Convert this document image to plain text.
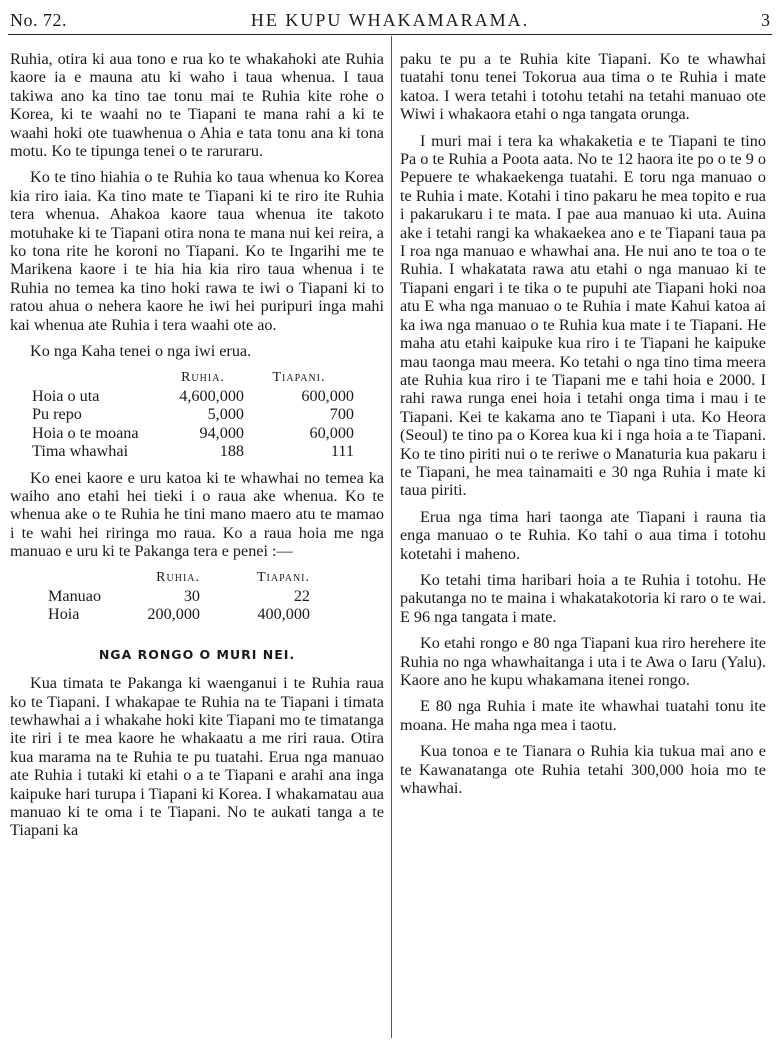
No. 72.	HE KUPU WHAKAMARAMA.	3

Ruhia, otira ki aua tono e rua ko te whakahoki ate Ruhia kaore ia e mauna atu ki waho i taua whenua. I taua takiwa ano ka tino tae tonu mai te Ruhia kite rohe o Korea, ki te waahi no te Tiapani te mana rahi a ki te waahi hoki ote tuawhenua o Ahia e tata tonu ana ki tona motu. Ko te tipunga tenei o te raruraru.

Ko te tino hiahia o te Ruhia ko taua whenua ko Korea kia riro iaia. Ka tino mate te Tiapani ki te riro ite Ruhia tera whenua. Ahakoa kaore taua whenua ite takoto motuhake ki te Tiapani otira nona te mana nui kei reira, a ko tona rite he koroni no Tiapani. Ko te Ingarihi me te Marikena kaore i te hia hia kia riro taua whenua i te Ruhia no temea ka tino hoki rawa te iwi o Tiapani ki to ratou ahua o nehera kaore he iwi hei puripuri inga mahi kai whenua ate Ruhia i tera waahi ote ao.

Ko nga Kaha tenei o nga iwi erua.

	Ruhia.	Tiapani.
Hoia o uta	4,600,000	600,000
Pu repo	5,000	700
Hoia o te moana	94,000	60,000
Tima whawhai	188	111

Ko enei kaore e uru katoa ki te whawhai no temea ka waiho ano etahi hei tieki i o raua ake whenua. Ko te whenua ake o te Ruhia he tini mano maero atu te mamao i te wahi hei riringa mo raua. Ko a raua hoia me nga manuao e uru ki te Pakanga tera e penei :—

	Ruhia.	Tiapani.
Manuao	30	22
Hoia	200,000	400,000
NGA RONGO O MURI NEI.

Kua timata te Pakanga ki waenganui i te Ruhia raua ko te Tiapani. I whakapae te Ruhia na te Tiapani i timata tewhawhai a i whakahe hoki kite Tiapani mo te timatanga ite riri i te mea kaore he whakaatu a me riri raua. Otira kua marama na te Ruhia te pu tuatahi. Erua nga manuao ate Ruhia i tutaki ki etahi o a te Tiapani e arahi ana inga kaipuke hari turupa i Tiapani ki Korea. I whakamatau aua manuao ki te oma i te Tiapani. No te aukati tanga a te Tiapani ka

paku te pu a te Ruhia kite Tiapani. Ko te whawhai tuatahi tonu tenei Tokorua aua tima o te Ruhia i mate katoa. I wera tetahi i totohu tetahi na tetahi manuao ote Wiwi i whakaora etahi o nga tangata orunga.

I muri mai i tera ka whakaketia e te Tiapani te tino Pa o te Ruhia a Poota aata. No te 12 haora ite po o te 9 o Pepuere te whakaekenga tuatahi. E toru nga manuao o te Ruhia i mate. Kotahi i tino pakaru he mea topito e rua i pakarukaru i te mata. I pae aua manuao ki uta. Auina ake i tetahi rangi ka whakaekea ano e te Tiapani taua pa I roa nga manuao e whawhai ana. He nui ano te toa o te Ruhia. I whakatata rawa atu etahi o nga manuao ki te Tiapani engari i te tika o te pupuhi ate Tiapani hoki noa atu E wha nga manuao o te Ruhia i mate Kahui katoa ai ka iwa nga manuao o te Ruhia kua mate i te Tiapani. He maha atu etahi kaipuke kua riro i te Tiapani he kaipuke mau taonga mau meera. Ko tetahi o nga tino tima meera ate Ruhia kua riro i te Tiapani me e tahi hoia e 2000. I rahi rawa runga enei hoia i tetahi onga tima i mau i te Tiapani. Kei te kakama ano te Tiapani i uta. Ko Heora (Seoul) te tino pa o Korea kua ki i nga hoia a te Tiapani. Ko te tino piriti nui o te reriwe o Manaturia kua pakaru i te Tiapani, he mea tainamaiti e 30 nga Ruhia i mate ki taua piriti.

Erua nga tima hari taonga ate Tiapani i rauna tia enga manuao o te Ruhia. Ko tahi o aua tima i totohu kotetahi i maheno.

Ko tetahi tima haribari hoia a te Ruhia i totohu. He pakutanga no te maina i whakatakotoria ki raro o te wai. E 96 nga tangata i mate.

Ko etahi rongo e 80 nga Tiapani kua riro herehere ite Ruhia no nga whawhaitanga i uta i te Awa o Iaru (Yalu). Kaore ano he kupu whakamana itenei rongo.

E 80 nga Ruhia i mate ite whawhai tuatahi tonu ite moana. He maha nga mea i taotu.

Kua tonoa e te Tianara o Ruhia kia tukua mai ano e te Kawanatanga ote Ruhia tetahi 300,000 hoia mo te whawhai.
